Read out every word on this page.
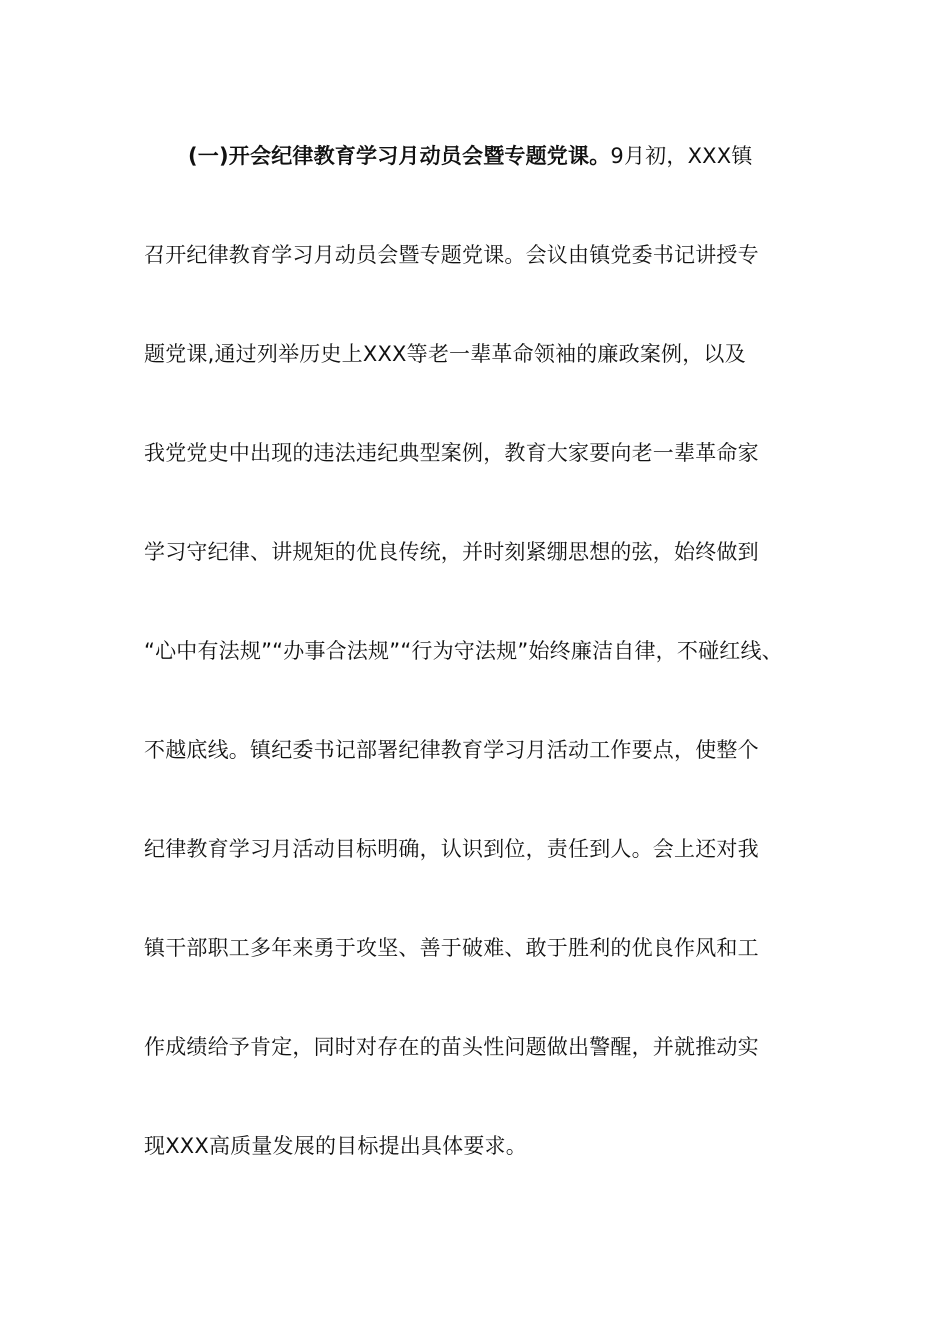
(一)开会纪律教育学习月动员会暨专题党课。9月初，XXX镇
召开纪律教育学习月动员会暨专题党课。会议由镇党委书记讲授专
题党课,通过列举历史上XXX等老一辈革命领袖的廉政案例，以及
我党党史中出现的违法违纪典型案例，教育大家要向老一辈革命家
学习守纪律、讲规矩的优良传统，并时刻紧绷思想的弦，始终做到
“心中有法规”“办事合法规”“行为守法规”始终廉洁自律，不碰红线、
不越底线。镇纪委书记部署纪律教育学习月活动工作要点，使整个
纪律教育学习月活动目标明确，认识到位，责任到人。会上还对我
镇干部职工多年来勇于攻坚、善于破难、敢于胜利的优良作风和工
作成绩给予肯定，同时对存在的苗头性问题做出警醒，并就推动实
现XXX高质量发展的目标提出具体要求。
